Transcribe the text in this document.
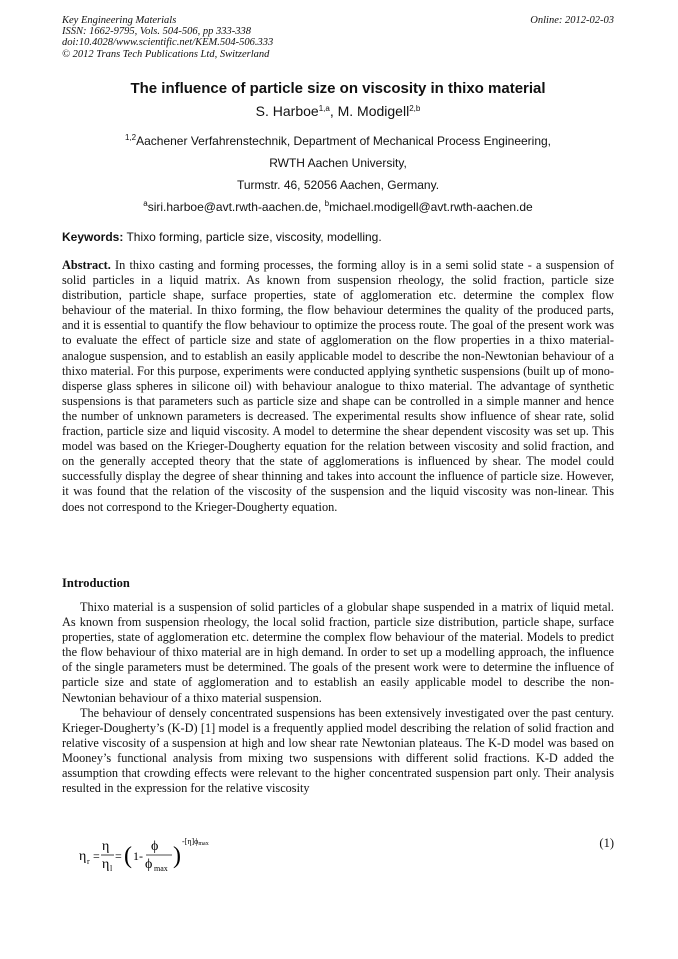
Key Engineering Materials
ISSN: 1662-9795, Vols. 504-506, pp 333-338
doi:10.4028/www.scientific.net/KEM.504-506.333
© 2012 Trans Tech Publications Ltd, Switzerland
Online: 2012-02-03
The influence of particle size on viscosity in thixo material
S. Harboe$^{1,a}$, M. Modigell$^{2,b}$
$^{1,2}$Aachener Verfahrenstechnik, Department of Mechanical Process Engineering,
RWTH Aachen University,
Turmstr. 46, 52056 Aachen, Germany.
$^a$siri.harboe@avt.rwth-aachen.de, $^b$michael.modigell@avt.rwth-aachen.de
Keywords: Thixo forming, particle size, viscosity, modelling.
Abstract. In thixo casting and forming processes, the forming alloy is in a semi solid state - a suspension of solid particles in a liquid matrix. As known from suspension rheology, the solid fraction, particle size distribution, particle shape, surface properties, state of agglomeration etc. determine the complex flow behaviour of the material. In thixo forming, the flow behaviour determines the quality of the produced parts, and it is essential to quantify the flow behaviour to optimize the process route. The goal of the present work was to evaluate the effect of particle size and state of agglomeration on the flow properties in a thixo material-analogue suspension, and to establish an easily applicable model to describe the non-Newtonian behaviour of a thixo material. For this purpose, experiments were conducted applying synthetic suspensions (built up of mono-disperse glass spheres in silicone oil) with behaviour analogue to thixo material. The advantage of synthetic suspensions is that parameters such as particle size and shape can be controlled in a simple manner and hence the number of unknown parameters is decreased. The experimental results show influence of shear rate, solid fraction, particle size and liquid viscosity. A model to determine the shear dependent viscosity was set up. This model was based on the Krieger-Dougherty equation for the relation between viscosity and solid fraction, and on the generally accepted theory that the state of agglomerations is influenced by shear. The model could successfully display the degree of shear thinning and takes into account the influence of particle size. However, it was found that the relation of the viscosity of the suspension and the liquid viscosity was non-linear. This does not correspond to the Krieger-Dougherty equation.
Introduction

Thixo material is a suspension of solid particles of a globular shape suspended in a matrix of liquid metal. As known from suspension rheology, the local solid fraction, particle size distribution, particle shape, surface properties, state of agglomeration etc. determine the complex flow behaviour of the material. Models to predict the flow behaviour of thixo material are in high demand. In order to set up a modelling approach, the influence of the single parameters must be determined. The goals of the present work were to determine the influence of particle size and state of agglomeration and to establish an easily applicable model to describe the non-Newtonian behaviour of a thixo material suspension.

The behaviour of densely concentrated suspensions has been extensively investigated over the past century. Krieger-Dougherty’s (K-D) [1] model is a frequently applied model describing the relation of solid fraction and relative viscosity of a suspension at high and low shear rate Newtonian plateaus. The K-D model was based on Mooney’s functional analysis from mixing two suspensions with different solid fractions. K-D added the assumption that crowding effects were relevant to the higher concentrated suspension part only. Their analysis resulted in the expression for the relative viscosity

η r =
η
η l
= ( 1-
ϕ
ϕ max )
-[η]ϕmax	(1)
